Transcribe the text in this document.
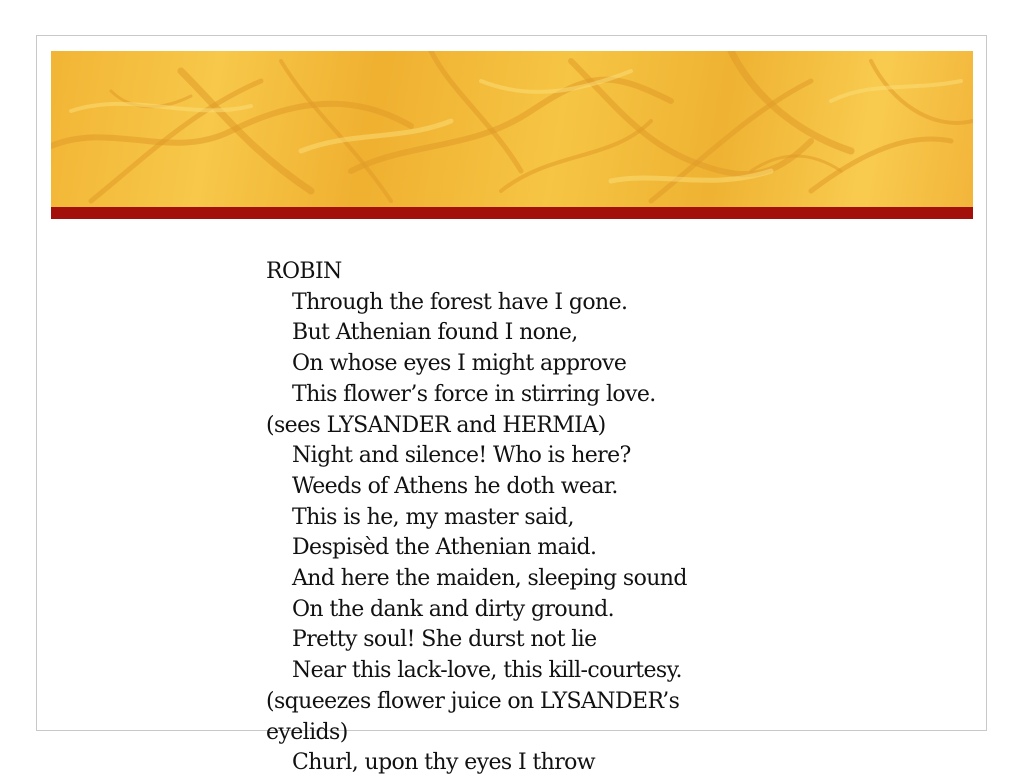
ROBIN
Through the forest have I gone.
But Athenian found I none,
On whose eyes I might approve
This flower’s force in stirring love.
(sees LYSANDER and HERMIA)
Night and silence! Who is here?
Weeds of Athens he doth wear.
This is he, my master said,
Despisèd the Athenian maid.
And here the maiden, sleeping sound
On the dank and dirty ground.
Pretty soul! She durst not lie
Near this lack-love, this kill-courtesy.
(squeezes flower juice on LYSANDER’s eyelids)
Churl, upon thy eyes I throw
